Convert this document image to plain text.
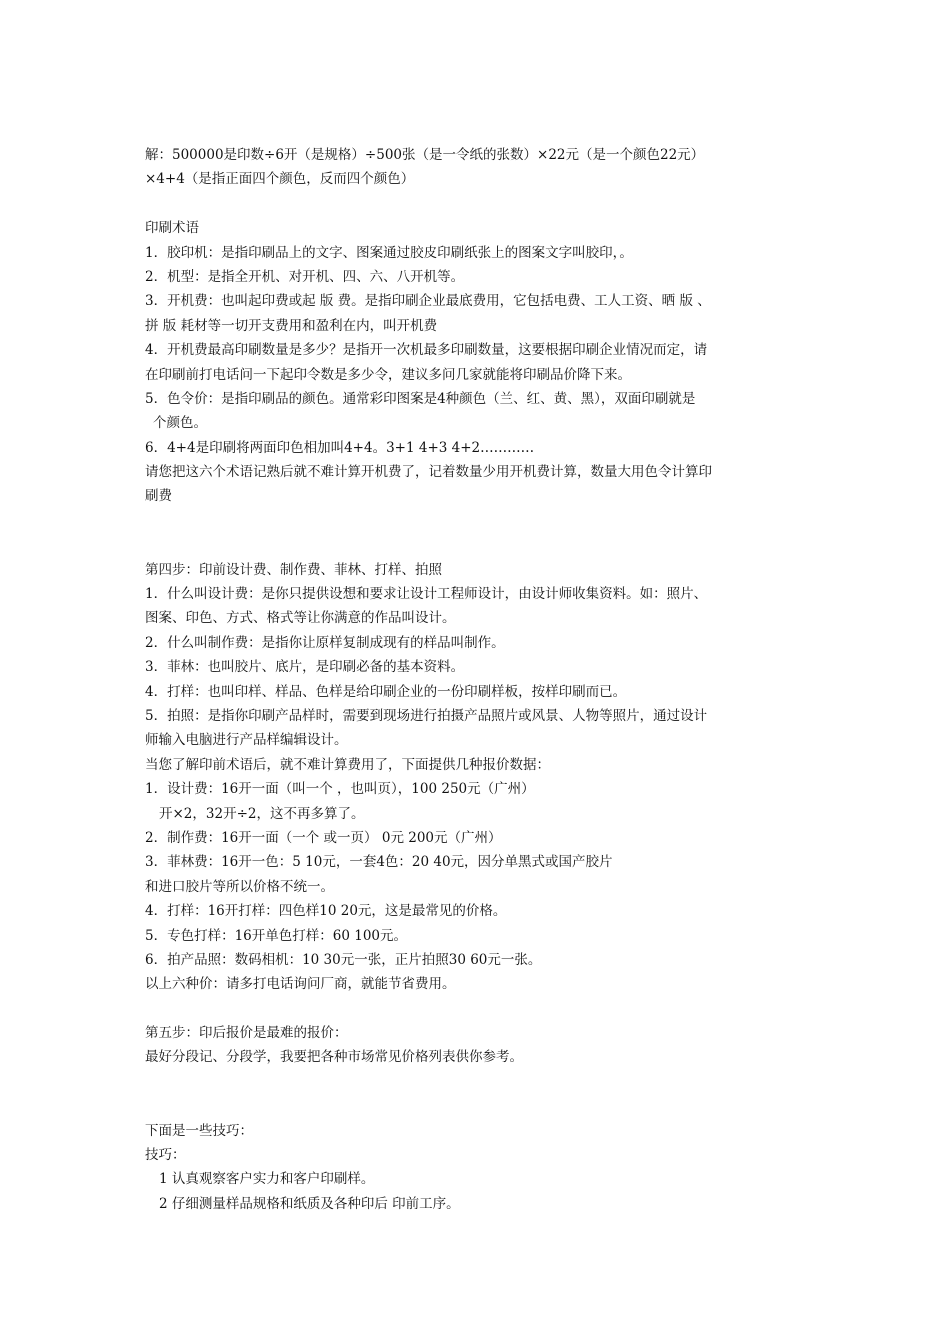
解：500000是印数÷6开（是规格）÷500张（是一令纸的张数）×22元（是一个颜色22元）
×4+4（是指正面四个颜色，反而四个颜色）
印刷术语
1．胶印机：是指印刷品上的文字、图案通过胶皮印刷纸张上的图案文字叫胶印，。
2．机型：是指全开机、对开机、四、六、八开机等。
3．开机费：也叫起印费或起 版 费。是指印刷企业最底费用，它包括电费、工人工资、晒 版 、
拼 版 耗材等一切开支费用和盈利在内，叫开机费
4．开机费最高印刷数量是多少？是指开一次机最多印刷数量，这要根据印刷企业情况而定，请
在印刷前打电话问一下起印令数是多少令，建议多问几家就能将印刷品价降下来。
5．色令价：是指印刷品的颜色。通常彩印图案是4种颜色（兰、红、黄、黑），双面印刷就是
个颜色。
6．4+4是印刷将两面印色相加叫4+4。3+1 4+3 4+2…………
请您把这六个术语记熟后就不难计算开机费了，记着数量少用开机费计算，数量大用色令计算印
刷费
第四步：印前设计费、制作费、菲林、打样、拍照
1．什么叫设计费：是你只提供设想和要求让设计工程师设计，由设计师收集资料。如：照片、
图案、印色、方式、格式等让你满意的作品叫设计。
2．什么叫制作费：是指你让原样复制成现有的样品叫制作。
3．菲林：也叫胶片、底片，是印刷必备的基本资料。
4．打样：也叫印样、样品、色样是给印刷企业的一份印刷样板，按样印刷而已。
5．拍照：是指你印刷产品样时，需要到现场进行拍摄产品照片或风景、人物等照片，通过设计
师输入电脑进行产品样编辑设计。
当您了解印前术语后，就不难计算费用了，下面提供几种报价数据：
1．设计费：16开一面（叫一个 ，也叫页），100 250元（广州）
开×2，32开÷2，这不再多算了。
2．制作费：16开一面（一个 或一页） 0元 200元（广州）
3．菲林费：16开一色：5 10元，一套4色：20 40元，因分单黑式或国产胶片
和进口胶片等所以价格不统一。
4．打样：16开打样：四色样10 20元，这是最常见的价格。
5．专色打样：16开单色打样：60 100元。
6．拍产品照：数码相机：10 30元一张，正片拍照30 60元一张。
以上六种价：请多打电话询问厂商，就能节省费用。
第五步：印后报价是最难的报价：
最好分段记、分段学，我要把各种市场常见价格列表供你参考。
下面是一些技巧：
技巧：
1 认真观察客户实力和客户印刷样。
2 仔细测量样品规格和纸质及各种印后 印前工序。
